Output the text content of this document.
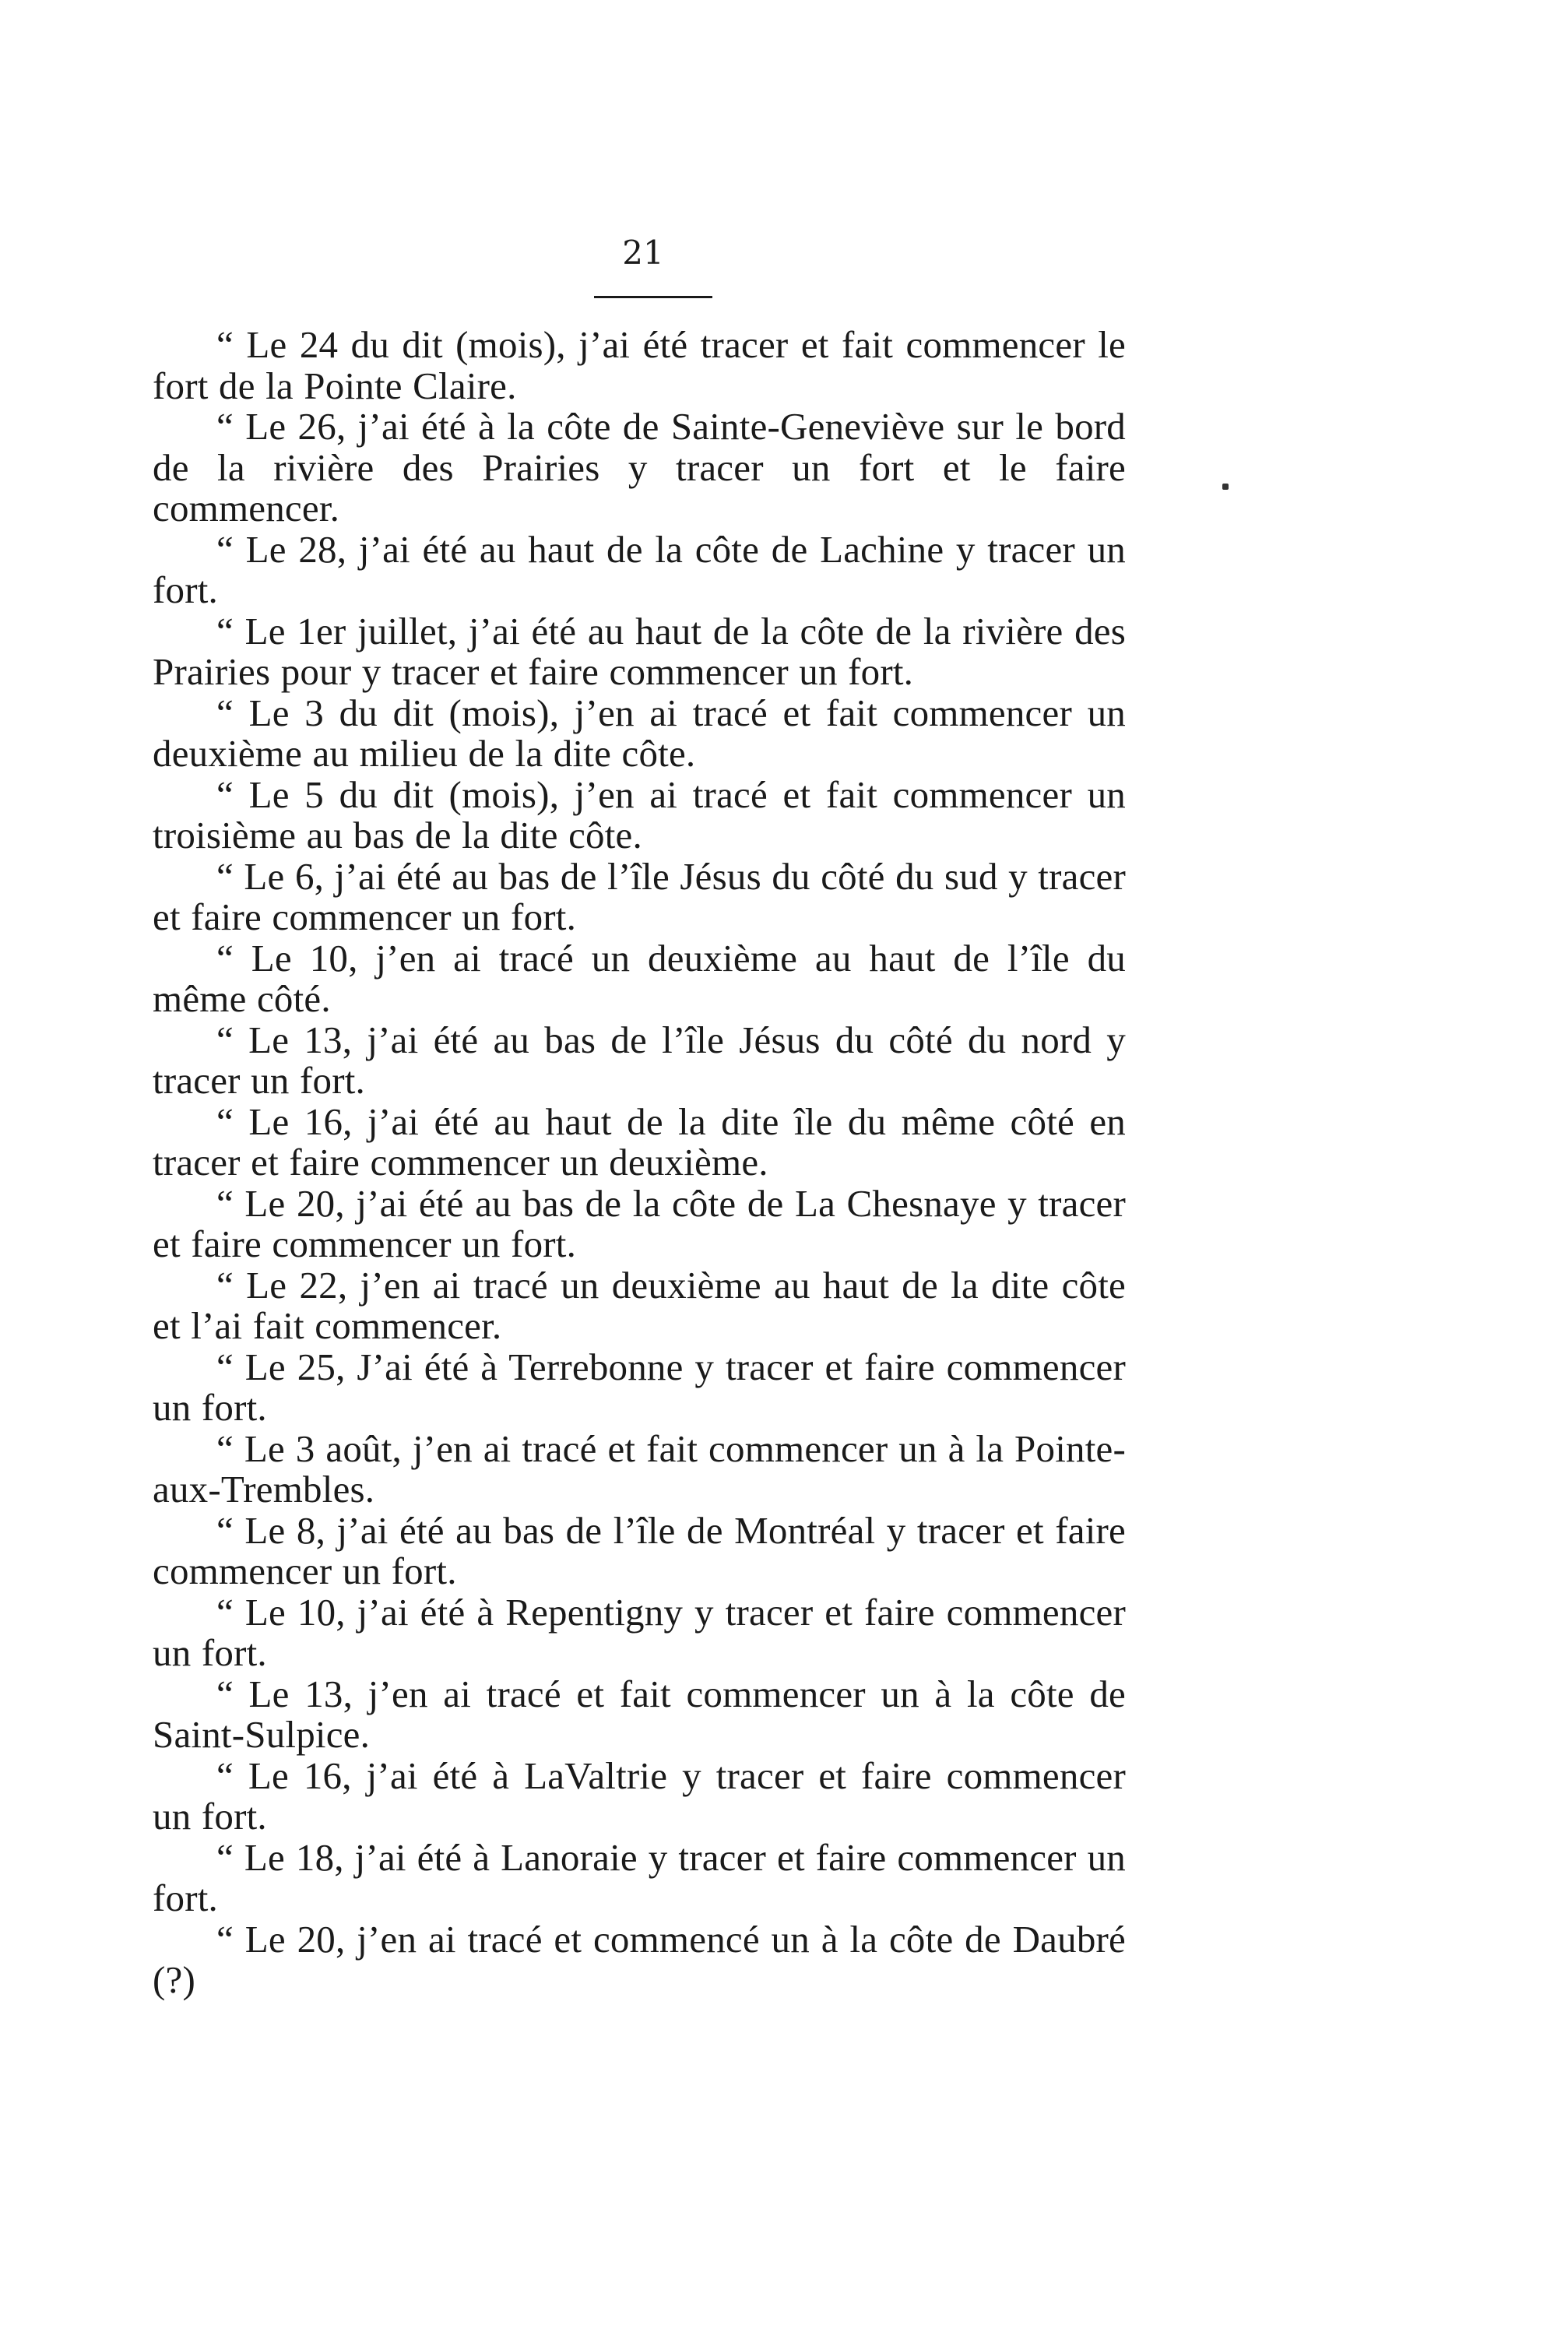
21

“ Le 24 du dit (mois), j’ai été tracer et fait commencer le fort de la Pointe Claire.

“ Le 26, j’ai été à la côte de Sainte-Geneviève sur le bord de la rivière des Prairies y tracer un fort et le faire commencer.

“ Le 28, j’ai été au haut de la côte de Lachine y tracer un fort.

“ Le 1er juillet, j’ai été au haut de la côte de la rivière des Prairies pour y tracer et faire commencer un fort.

“ Le 3 du dit (mois), j’en ai tracé et fait commencer un deuxième au milieu de la dite côte.

“ Le 5 du dit (mois), j’en ai tracé et fait commencer un troisième au bas de la dite côte.

“ Le 6, j’ai été au bas de l’île Jésus du côté du sud y tracer et faire commencer un fort.

“ Le 10, j’en ai tracé un deuxième au haut de l’île du même côté.

“ Le 13, j’ai été au bas de l’île Jésus du côté du nord y tracer un fort.

“ Le 16, j’ai été au haut de la dite île du même côté en tracer et faire commencer un deuxième.

“ Le 20, j’ai été au bas de la côte de La Chesnaye y tracer et faire commencer un fort.

“ Le 22, j’en ai tracé un deuxième au haut de la dite côte et l’ai fait commencer.

“ Le 25, J’ai été à Terrebonne y tracer et faire commencer un fort.

“ Le 3 août, j’en ai tracé et fait commencer un à la Pointe-aux-Trembles.

“ Le 8, j’ai été au bas de l’île de Montréal y tracer et faire commencer un fort.

“ Le 10, j’ai été à Repentigny y tracer et faire commencer un fort.

“ Le 13, j’en ai tracé et fait commencer un à la côte de Saint-Sulpice.

“ Le 16, j’ai été à LaValtrie y tracer et faire commencer un fort.

“ Le 18, j’ai été à Lanoraie y tracer et faire commencer un fort.

“ Le 20, j’en ai tracé et commencé un à la côte de Daubré (?)
